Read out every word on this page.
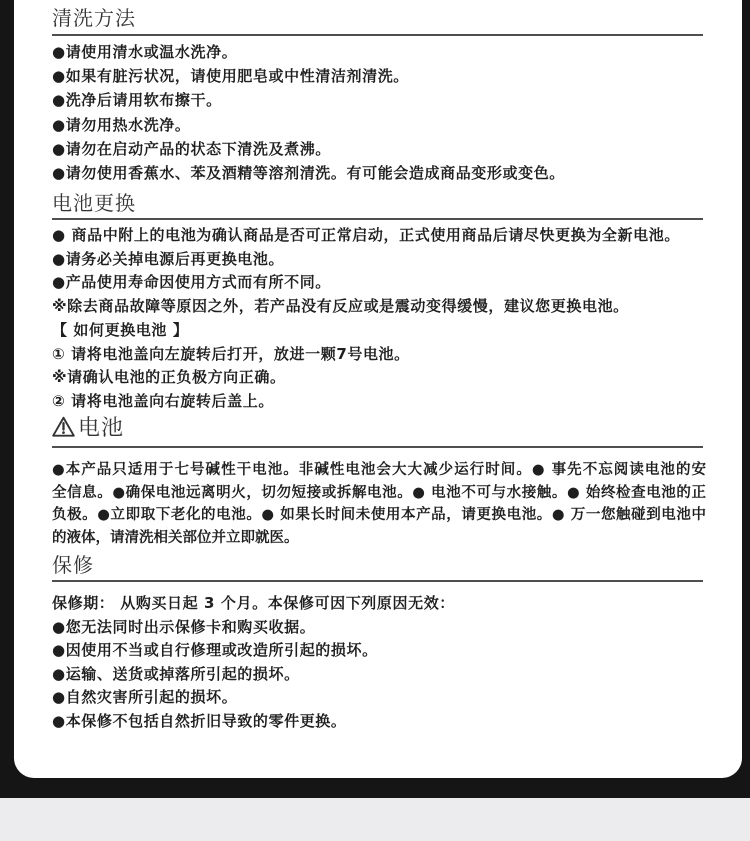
清洗方法
●请使用清水或温水洗净。
●如果有脏污状况，请使用肥皂或中性清洁剂清洗。
●洗净后请用软布擦干。
●请勿用热水洗净。
●请勿在启动产品的状态下清洗及煮沸。
●请勿使用香蕉水、苯及酒精等溶剂清洗。有可能会造成商品变形或变色。
电池更换
● 商品中附上的电池为确认商品是否可正常启动，正式使用商品后请尽快更换为全新电池。
●请务必关掉电源后再更换电池。
●产品使用寿命因使用方式而有所不同。
※除去商品故障等原因之外，若产品没有反应或是震动变得缓慢，建议您更换电池。
【 如何更换电池 】
① 请将电池盖向左旋转后打开，放进一颗7号电池。
※请确认电池的正负极方向正确。
② 请将电池盖向右旋转后盖上。
电池
●本产品只适用于七号碱性干电池。非碱性电池会大大减少运行时间。● 事先不忘阅读电池的安
全信息。●确保电池远离明火，切勿短接或拆解电池。● 电池不可与水接触。● 始终检查电池的正
负极。●立即取下老化的电池。● 如果长时间未使用本产品，请更换电池。● 万一您触碰到电池中
的液体，请清洗相关部位并立即就医。
保修
保修期： 从购买日起 3 个月。本保修可因下列原因无效：
●您无法同时出示保修卡和购买收据。
●因使用不当或自行修理或改造所引起的损坏。
●运输、送货或掉落所引起的损坏。
●自然灾害所引起的损坏。
●本保修不包括自然折旧导致的零件更换。
